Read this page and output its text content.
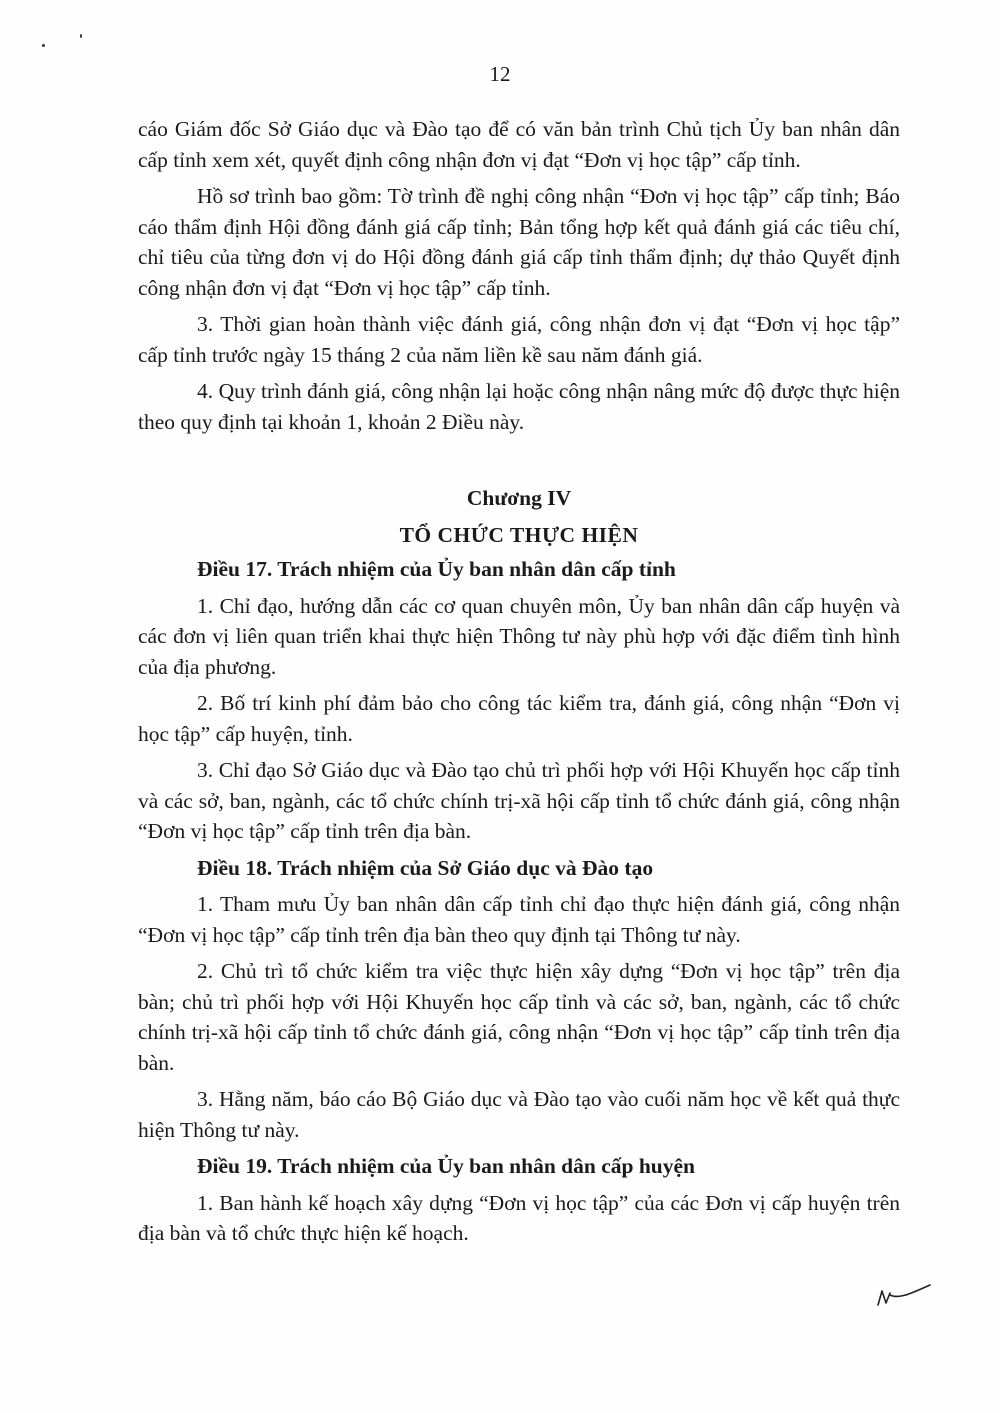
12

cáo Giám đốc Sở Giáo dục và Đào tạo để có văn bản trình Chủ tịch Ủy ban nhân dân cấp tỉnh xem xét, quyết định công nhận đơn vị đạt “Đơn vị học tập” cấp tỉnh.

Hồ sơ trình bao gồm: Tờ trình đề nghị công nhận “Đơn vị học tập” cấp tỉnh; Báo cáo thẩm định Hội đồng đánh giá cấp tỉnh; Bản tổng hợp kết quả đánh giá các tiêu chí, chỉ tiêu của từng đơn vị do Hội đồng đánh giá cấp tỉnh thẩm định; dự thảo Quyết định công nhận đơn vị đạt “Đơn vị học tập” cấp tỉnh.

3. Thời gian hoàn thành việc đánh giá, công nhận đơn vị đạt “Đơn vị học tập” cấp tỉnh trước ngày 15 tháng 2 của năm liền kề sau năm đánh giá.

4. Quy trình đánh giá, công nhận lại hoặc công nhận nâng mức độ được thực hiện theo quy định tại khoản 1, khoản 2 Điều này.

Chương IV

TỔ CHỨC THỰC HIỆN

Điều 17. Trách nhiệm của Ủy ban nhân dân cấp tỉnh

1. Chỉ đạo, hướng dẫn các cơ quan chuyên môn, Ủy ban nhân dân cấp huyện và các đơn vị liên quan triển khai thực hiện Thông tư này phù hợp với đặc điểm tình hình của địa phương.

2. Bố trí kinh phí đảm bảo cho công tác kiểm tra, đánh giá, công nhận “Đơn vị học tập” cấp huyện, tỉnh.

3. Chỉ đạo Sở Giáo dục và Đào tạo chủ trì phối hợp với Hội Khuyến học cấp tỉnh và các sở, ban, ngành, các tổ chức chính trị-xã hội cấp tỉnh tổ chức đánh giá, công nhận “Đơn vị học tập” cấp tỉnh trên địa bàn.

Điều 18. Trách nhiệm của Sở Giáo dục và Đào tạo

1. Tham mưu Ủy ban nhân dân cấp tỉnh chỉ đạo thực hiện đánh giá, công nhận “Đơn vị học tập” cấp tỉnh trên địa bàn theo quy định tại Thông tư này.

2. Chủ trì tổ chức kiểm tra việc thực hiện xây dựng “Đơn vị học tập” trên địa bàn; chủ trì phối hợp với Hội Khuyến học cấp tỉnh và các sở, ban, ngành, các tổ chức chính trị-xã hội cấp tỉnh tổ chức đánh giá, công nhận “Đơn vị học tập” cấp tỉnh trên địa bàn.

3. Hằng năm, báo cáo Bộ Giáo dục và Đào tạo vào cuối năm học về kết quả thực hiện Thông tư này.

Điều 19. Trách nhiệm của Ủy ban nhân dân cấp huyện

1. Ban hành kế hoạch xây dựng “Đơn vị học tập” của các Đơn vị cấp huyện trên địa bàn và tổ chức thực hiện kế hoạch.
